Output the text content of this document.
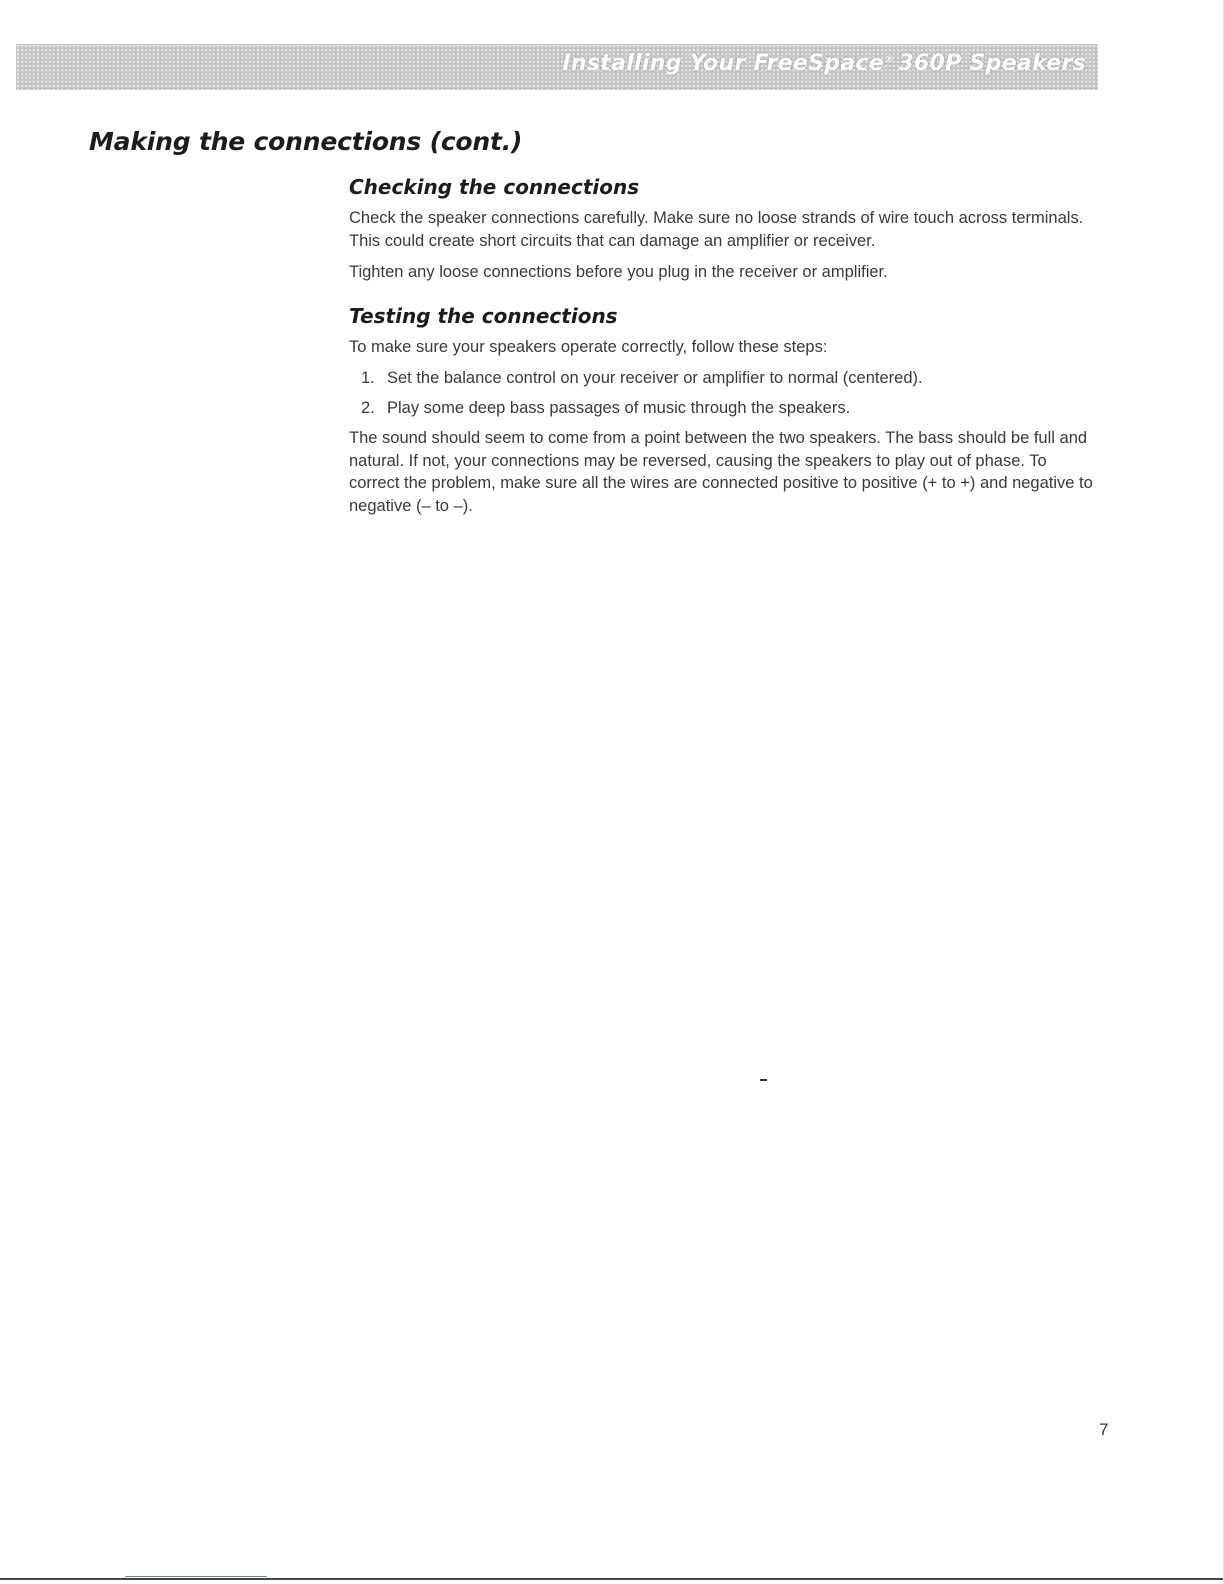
Installing Your FreeSpace® 360P Speakers
Making the connections (cont.)
Checking the connections

Check the speaker connections carefully. Make sure no loose strands of wire touch across terminals. This could create short circuits that can damage an amplifier or receiver.

Tighten any loose connections before you plug in the receiver or amplifier.

Testing the connections

To make sure your speakers operate correctly, follow these steps:

1. Set the balance control on your receiver or amplifier to normal (centered).
2. Play some deep bass passages of music through the speakers.

The sound should seem to come from a point between the two speakers. The bass should be full and natural. If not, your connections may be reversed, causing the speakers to play out of phase. To correct the problem, make sure all the wires are connected positive to positive (+ to +) and negative to negative (– to –).

7
